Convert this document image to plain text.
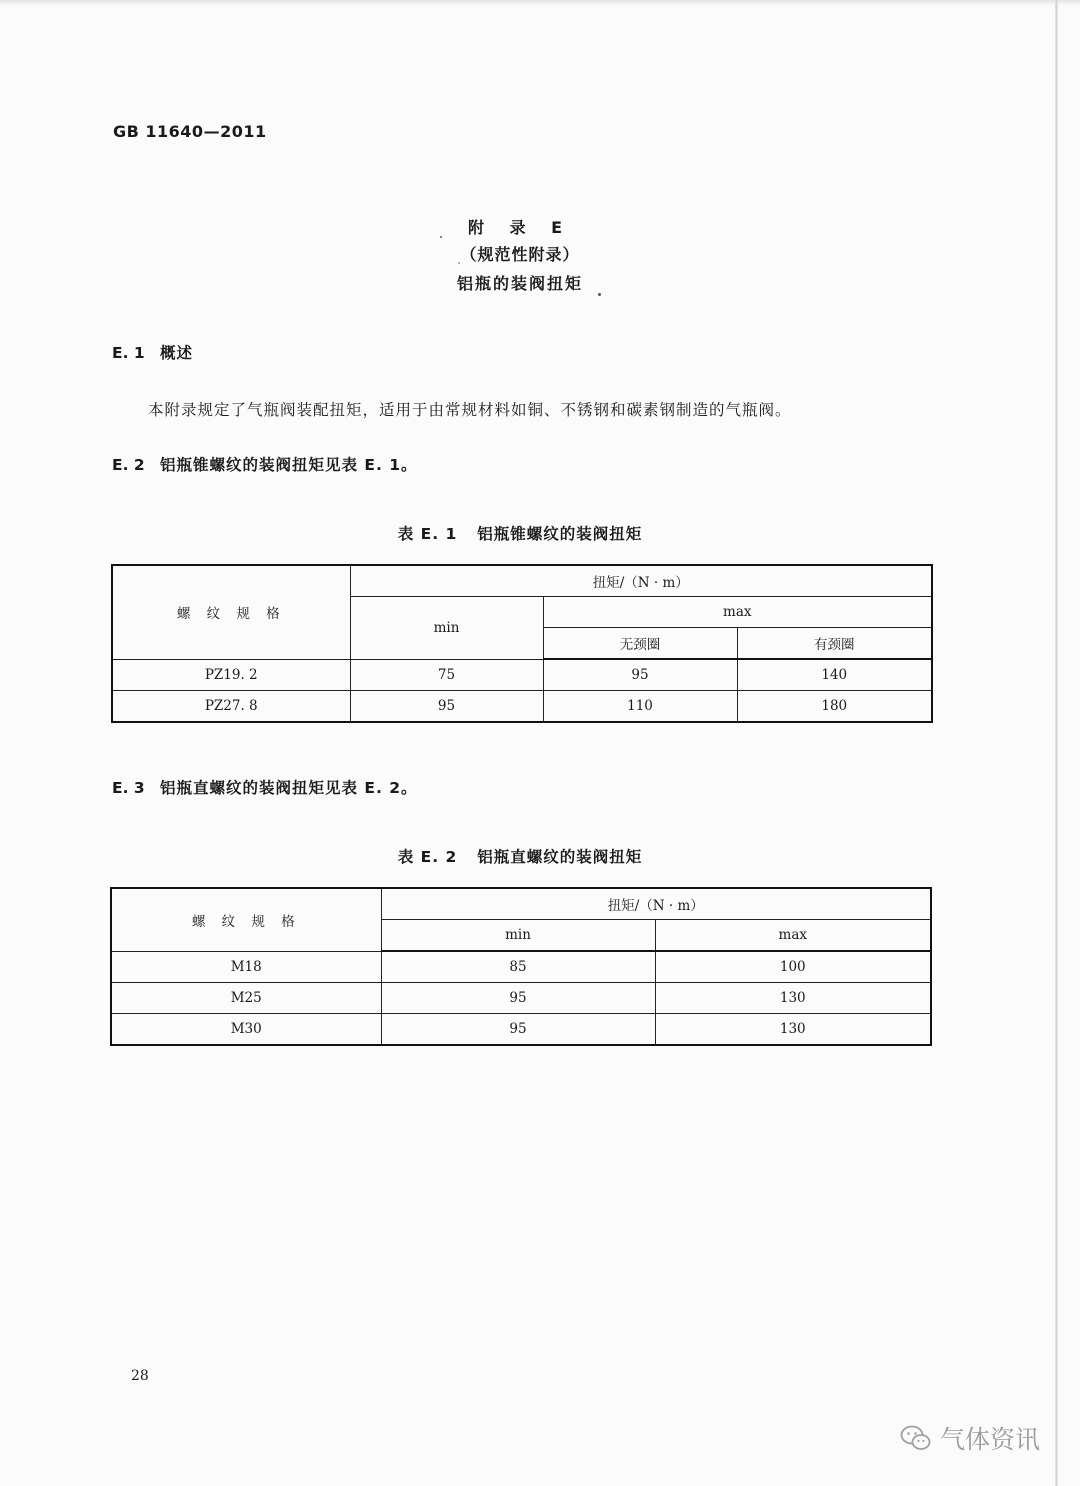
GB 11640—2011
附 录 E
（规范性附录）
铝瓶的装阀扭矩
E. 1 概述
本附录规定了气瓶阀装配扭矩，适用于由常规材料如铜、不锈钢和碳素钢制造的气瓶阀。
E. 2 铝瓶锥螺纹的装阀扭矩见表 E. 1。
表 E. 1 铝瓶锥螺纹的装阀扭矩
螺 纹 规 格	扭矩/（N · m）		
	min	max	
		无颈圈	有颈圈
PZ19. 2	75	95	140
PZ27. 8	95	110	180
E. 3 铝瓶直螺纹的装阀扭矩见表 E. 2。
表 E. 2 铝瓶直螺纹的装阀扭矩
螺 纹 规 格	扭矩/（N · m）	
	min	max
M18	85	100
M25	95	130
M30	95	130
28
气体资讯
